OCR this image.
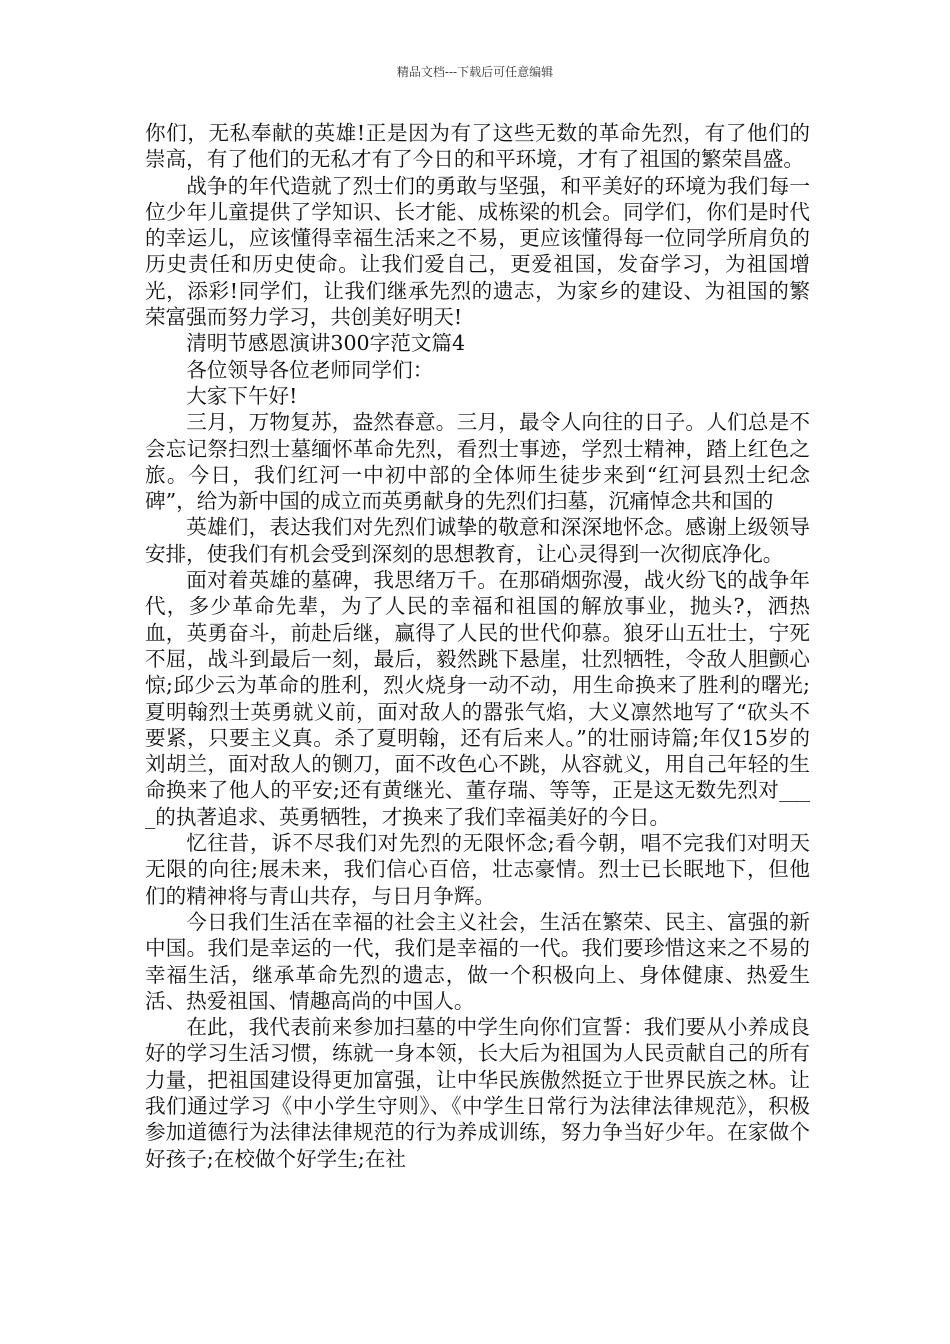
精品文档---下载后可任意编辑

你们，无私奉献的英雄!正是因为有了这些无数的革命先烈，有了他们的崇高，有了他们的无私才有了今日的和平环境，才有了祖国的繁荣昌盛。

战争的年代造就了烈士们的勇敢与坚强，和平美好的环境为我们每一位少年儿童提供了学知识、长才能、成栋梁的机会。同学们，你们是时代的幸运儿，应该懂得幸福生活来之不易，更应该懂得每一位同学所肩负的历史责任和历史使命。让我们爱自己，更爱祖国，发奋学习，为祖国增光，添彩!同学们，让我们继承先烈的遗志，为家乡的建设、为祖国的繁荣富强而努力学习，共创美好明天!

清明节感恩演讲300字范文篇4

各位领导各位老师同学们：

大家下午好!

三月，万物复苏，盎然春意。三月，最令人向往的日子。人们总是不会忘记祭扫烈士墓缅怀革命先烈，看烈士事迹，学烈士精神，踏上红色之旅。今日，我们红河一中初中部的全体师生徒步来到“红河县烈士纪念碑”，给为新中国的成立而英勇献身的先烈们扫墓，沉痛悼念共和国的

英雄们，表达我们对先烈们诚挚的敬意和深深地怀念。感谢上级领导安排，使我们有机会受到深刻的思想教育，让心灵得到一次彻底净化。

面对着英雄的墓碑，我思绪万千。在那硝烟弥漫，战火纷飞的战争年代，多少革命先辈，为了人民的幸福和祖国的解放事业，抛头?，洒热血，英勇奋斗，前赴后继，赢得了人民的世代仰慕。狼牙山五壮士，宁死不屈，战斗到最后一刻，最后，毅然跳下悬崖，壮烈牺牲，令敌人胆颤心惊;邱少云为革命的胜利，烈火烧身一动不动，用生命换来了胜利的曙光;夏明翰烈士英勇就义前，面对敌人的嚣张气焰，大义凛然地写了“砍头不要紧，只要主义真。杀了夏明翰，还有后来人。”的壮丽诗篇;年仅15岁的刘胡兰，面对敌人的铡刀，面不改色心不跳，从容就义，用自己年轻的生命换来了他人的平安;还有黄继光、董存瑞、等等，正是这无数先烈对____的执著追求、英勇牺牲，才换来了我们幸福美好的今日。

忆往昔，诉不尽我们对先烈的无限怀念;看今朝，唱不完我们对明天无限的向往;展未来，我们信心百倍，壮志豪情。烈士已长眠地下，但他们的精神将与青山共存，与日月争辉。

今日我们生活在幸福的社会主义社会，生活在繁荣、民主、富强的新中国。我们是幸运的一代，我们是幸福的一代。我们要珍惜这来之不易的幸福生活，继承革命先烈的遗志，做一个积极向上、身体健康、热爱生活、热爱祖国、情趣高尚的中国人。

在此，我代表前来参加扫墓的中学生向你们宣誓：我们要从小养成良好的学习生活习惯，练就一身本领，长大后为祖国为人民贡献自己的所有力量，把祖国建设得更加富强，让中华民族傲然挺立于世界民族之林。让我们通过学习《中小学生守则》、《中学生日常行为法律法律规范》，积极参加道德行为法律法律规范的行为养成训练，努力争当好少年。在家做个好孩子;在校做个好学生;在社
